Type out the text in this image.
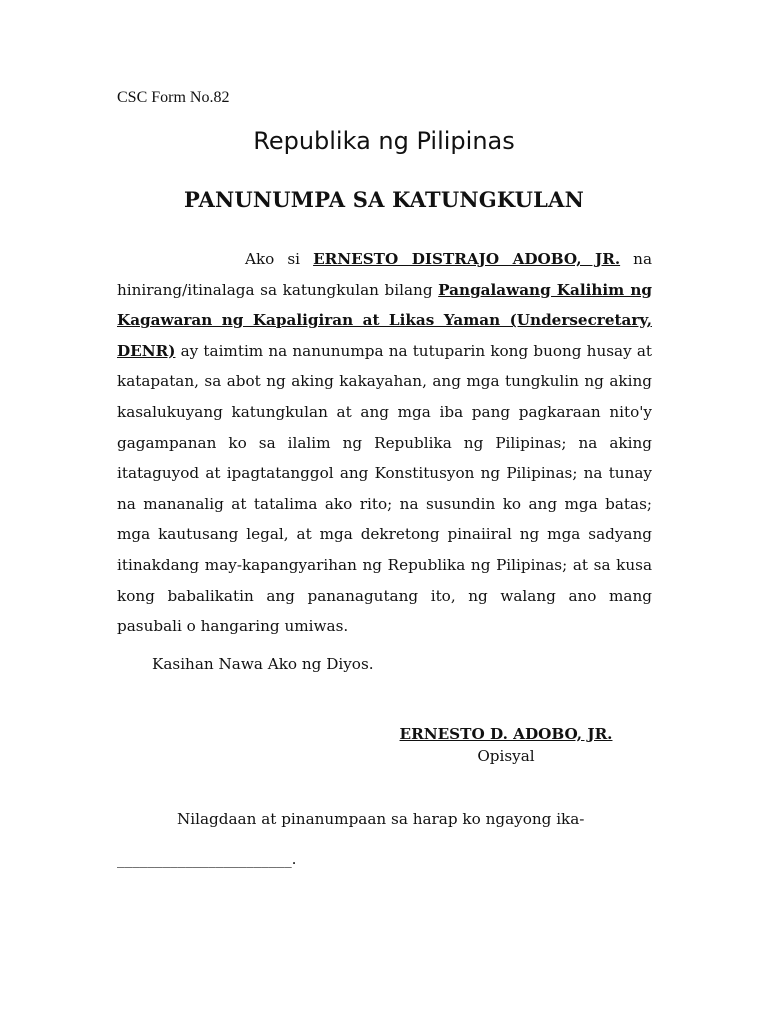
CSC Form No.82
Republika ng Pilipinas
PANUNUMPA SA KATUNGKULAN

Ako si ERNESTO DISTRAJO ADOBO, JR. na hinirang/itinalaga sa katungkulan bilang Pangalawang Kalihim ng Kagawaran ng Kapaligiran at Likas Yaman (Undersecretary, DENR) ay taimtim na nanunumpa na tutuparin kong buong husay at katapatan, sa abot ng aking kakayahan, ang mga tungkulin ng aking kasalukuyang katungkulan at ang mga iba pang pagkaraan nito'y gagampanan ko sa ilalim ng Republika ng Pilipinas; na aking itataguyod at ipagtatanggol ang Konstitusyon ng Pilipinas; na tunay na mananalig at tatalima ako rito; na susundin ko ang mga batas; mga kautusang legal, at mga dekretong pinaiiral ng mga sadyang itinakdang may-kapangyarihan ng Republika ng Pilipinas; at sa kusa kong babalikatin ang pananagutang ito, ng walang ano mang pasubali o hangaring umiwas.

Kasihan Nawa Ako ng Diyos.
ERNESTO D. ADOBO, JR.
Opisyal

Nilagdaan at pinanumpaan sa harap ko ngayong ika-
_______________________.
